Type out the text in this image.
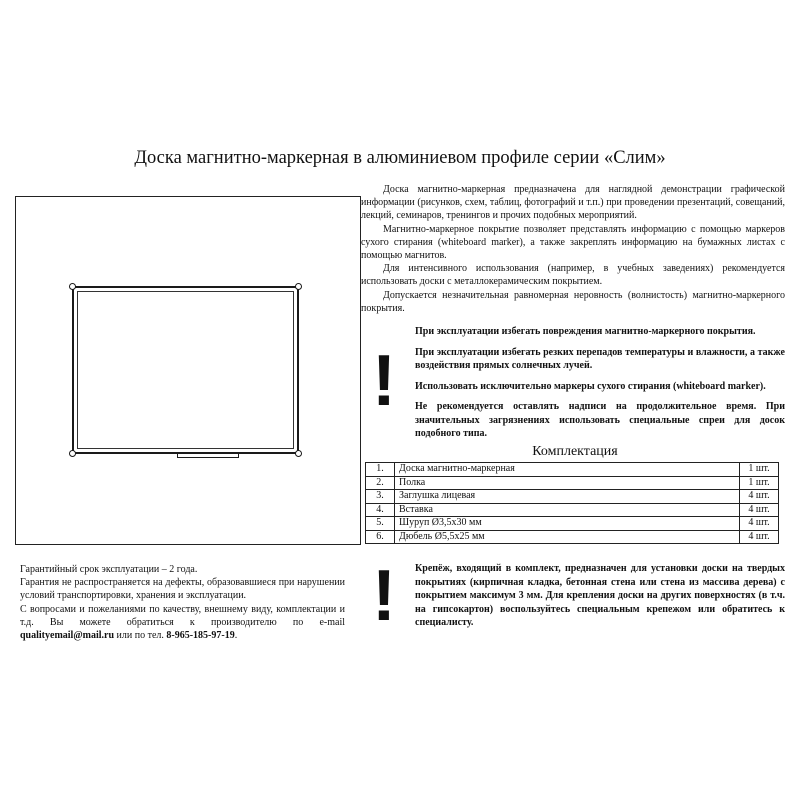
Доска магнитно-маркерная в алюминиевом профиле серии «Слим»

Доска магнитно-маркерная предназначена для наглядной демонстрации графической информации (рисунков, схем, таблиц, фотографий и т.п.) при проведении презентаций, совещаний, лекций, семинаров, тренингов и прочих подобных мероприятий.

Магнитно-маркерное покрытие позволяет представлять информацию с помощью маркеров сухого стирания (whiteboard marker), а также закреплять информацию на бумажных листах с помощью магнитов.

Для интенсивного использования (например, в учебных заведениях) рекомендуется использовать доски с металлокерамическим покрытием.

Допускается незначительная равномерная неровность (волнистость) магнитно-маркерного покрытия.

!

При эксплуатации избегать повреждения магнитно-маркерного покрытия.

При эксплуатации избегать резких перепадов температуры и влажности, а также воздействия прямых солнечных лучей.

Использовать исключительно маркеры сухого стирания (whiteboard marker).

Не рекомендуется оставлять надписи на продолжительное время. При значительных загрязнениях использовать специальные спреи для досок подобного типа.

Комплектация
1.	Доска магнитно-маркерная	1 шт.
2.	Полка	1 шт.
3.	Заглушка лицевая	4 шт.
4.	Вставка	4 шт.
5.	Шуруп Ø3,5x30 мм	4 шт.
6.	Дюбель Ø5,5x25 мм	4 шт.
! Крепёж, входящий в комплект, предназначен для установки доски на твердых покрытиях (кирпичная кладка, бетонная стена или стена из массива дерева) с покрытием максимум 3 мм. Для крепления доски на других поверхностях (в т.ч. на гипсокартон) воспользуйтесь специальным крепежом или обратитесь к специалисту.

Гарантийный срок эксплуатации – 2 года.

Гарантия не распространяется на дефекты, образовавшиеся при нарушении условий транспортировки, хранения и эксплуатации.

С вопросами и пожеланиями по качеству, внешнему виду, комплектации и т.д. Вы можете обратиться к производителю по e-mail qualityemail@mail.ru или по тел. 8-965-185-97-19.
